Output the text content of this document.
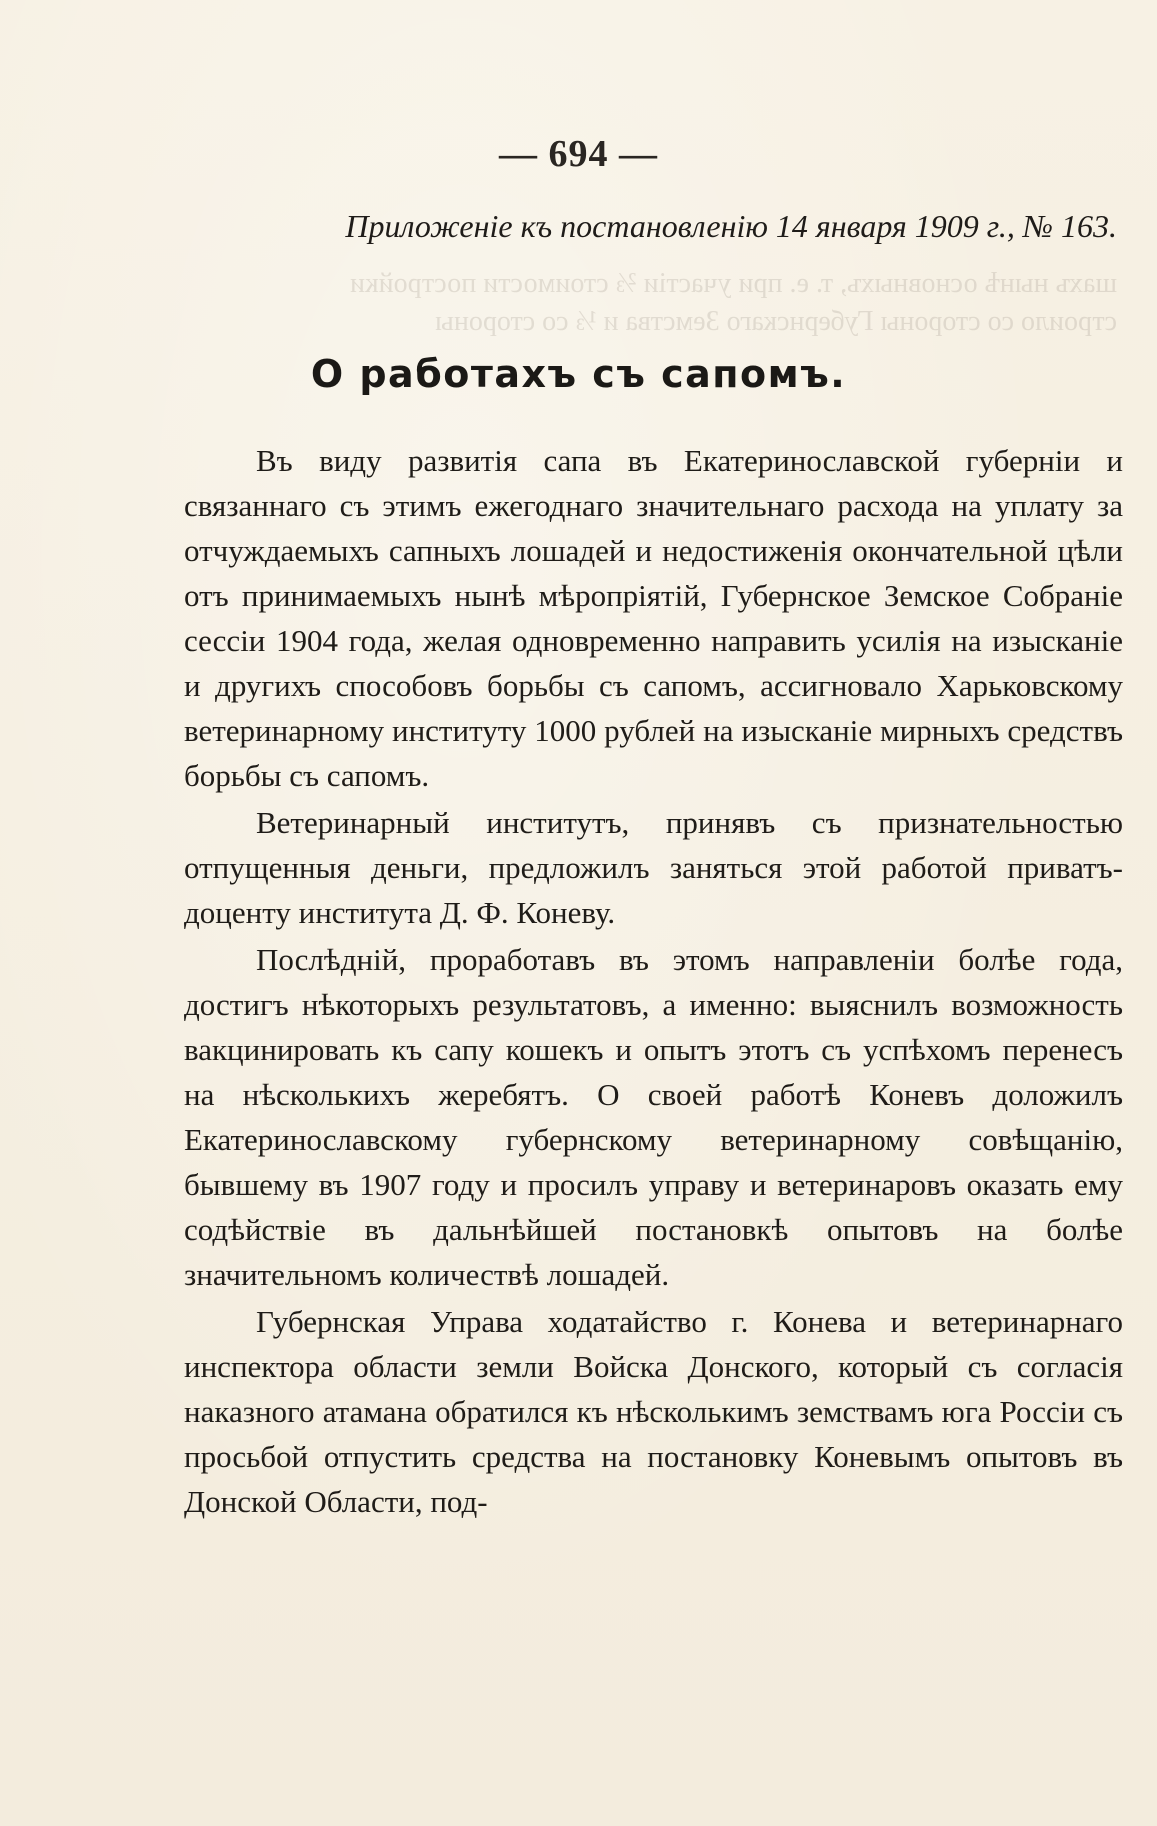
шахъ нынѣ основныхъ, т. е. при участіи ⅔ стоимости постройки
строило со стороны Губернскаго Земства и ⅓ со стороны
— 694 —

Приложеніе къ постановленію 14 января 1909 г., № 163.

О работахъ съ сапомъ.

Въ виду развитія сапа въ Екатеринославской губерніи и связаннаго съ этимъ ежегоднаго значительнаго расхода на уплату за отчуждаемыхъ сапныхъ лошадей и недостиженія окончательной цѣли отъ принимаемыхъ нынѣ мѣропріятій, Губернское Земское Собраніе сессіи 1904 года, желая одновременно направить усилія на изысканіе и другихъ способовъ борьбы съ сапомъ, ассигновало Харьковскому ветеринарному институту 1000 рублей на изысканіе мирныхъ средствъ борьбы съ сапомъ.

Ветеринарный институтъ, принявъ съ признательностью отпущенныя деньги, предложилъ заняться этой работой приватъ-доценту института Д. Ф. Коневу.

Послѣдній, проработавъ въ этомъ направленіи болѣе года, достигъ нѣкоторыхъ результатовъ, а именно: выяснилъ возможность вакцинировать къ сапу кошекъ и опытъ этотъ съ успѣхомъ перенесъ на нѣсколькихъ жеребятъ. О своей работѣ Коневъ доложилъ Екатеринославскому губернскому ветеринарному совѣщанію, бывшему въ 1907 году и просилъ управу и ветеринаровъ оказать ему содѣйствіе въ дальнѣйшей постановкѣ опытовъ на болѣе значительномъ количествѣ лошадей.

Губернская Управа ходатайство г. Конева и ветеринарнаго инспектора области земли Войска Донского, который съ согласія наказного атамана обратился къ нѣсколькимъ земствамъ юга Россіи съ просьбой отпустить средства на постановку Коневымъ опытовъ въ Донской Области, под-
